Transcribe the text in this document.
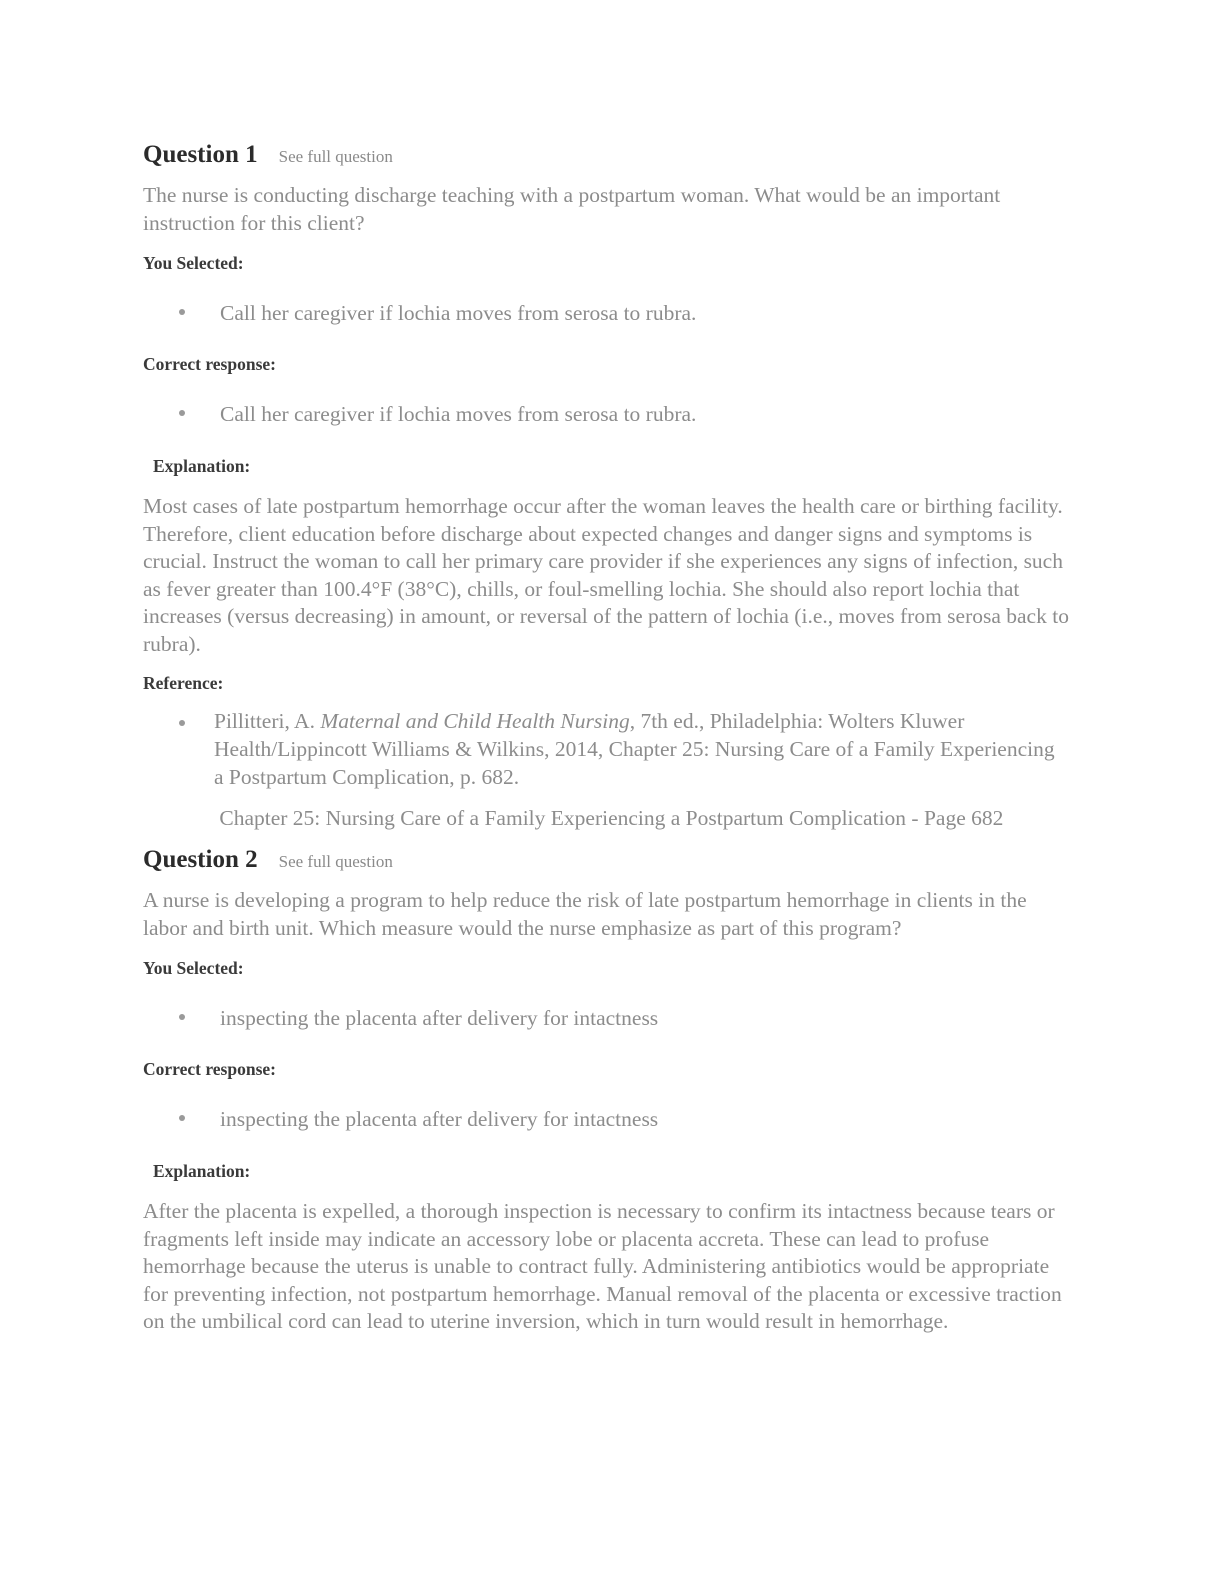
Question 1 See full question

The nurse is conducting discharge teaching with a postpartum woman. What would be an important instruction for this client?

You Selected:

Call her caregiver if lochia moves from serosa to rubra.

Correct response:

Call her caregiver if lochia moves from serosa to rubra.

Explanation:

Most cases of late postpartum hemorrhage occur after the woman leaves the health care or birthing facility. Therefore, client education before discharge about expected changes and danger signs and symptoms is crucial. Instruct the woman to call her primary care provider if she experiences any signs of infection, such as fever greater than 100.4°F (38°C), chills, or foul-smelling lochia. She should also report lochia that increases (versus decreasing) in amount, or reversal of the pattern of lochia (i.e., moves from serosa back to rubra).

Reference:

Pillitteri, A. Maternal and Child Health Nursing, 7th ed., Philadelphia: Wolters Kluwer Health/Lippincott Williams & Wilkins, 2014, Chapter 25: Nursing Care of a Family Experiencing a Postpartum Complication, p. 682.

Chapter 25: Nursing Care of a Family Experiencing a Postpartum Complication - Page 682

Question 2 See full question

A nurse is developing a program to help reduce the risk of late postpartum hemorrhage in clients in the labor and birth unit. Which measure would the nurse emphasize as part of this program?

You Selected:

inspecting the placenta after delivery for intactness

Correct response:

inspecting the placenta after delivery for intactness

Explanation:

After the placenta is expelled, a thorough inspection is necessary to confirm its intactness because tears or fragments left inside may indicate an accessory lobe or placenta accreta. These can lead to profuse hemorrhage because the uterus is unable to contract fully. Administering antibiotics would be appropriate for preventing infection, not postpartum hemorrhage. Manual removal of the placenta or excessive traction on the umbilical cord can lead to uterine inversion, which in turn would result in hemorrhage.
